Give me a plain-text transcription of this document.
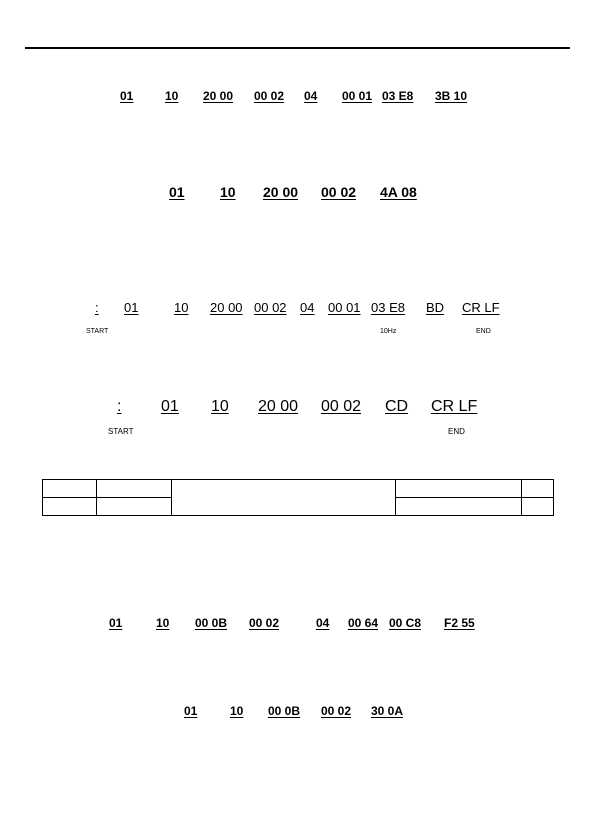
01	10 20 00 00 02 04 00 01 03 E8 3B 10
01	10 20 00 00 02 4A 08
: 01	10 20 00 00 02 04 00 01 03 E8 BD CR LF
START	10Hz	END
: 01 10 20 00 00 02 CD CR LF
START	END

01	10 00 0B 00 02	04 00 64 00 C8 F2 55
01	10 00 0B 00 02 30 0A
